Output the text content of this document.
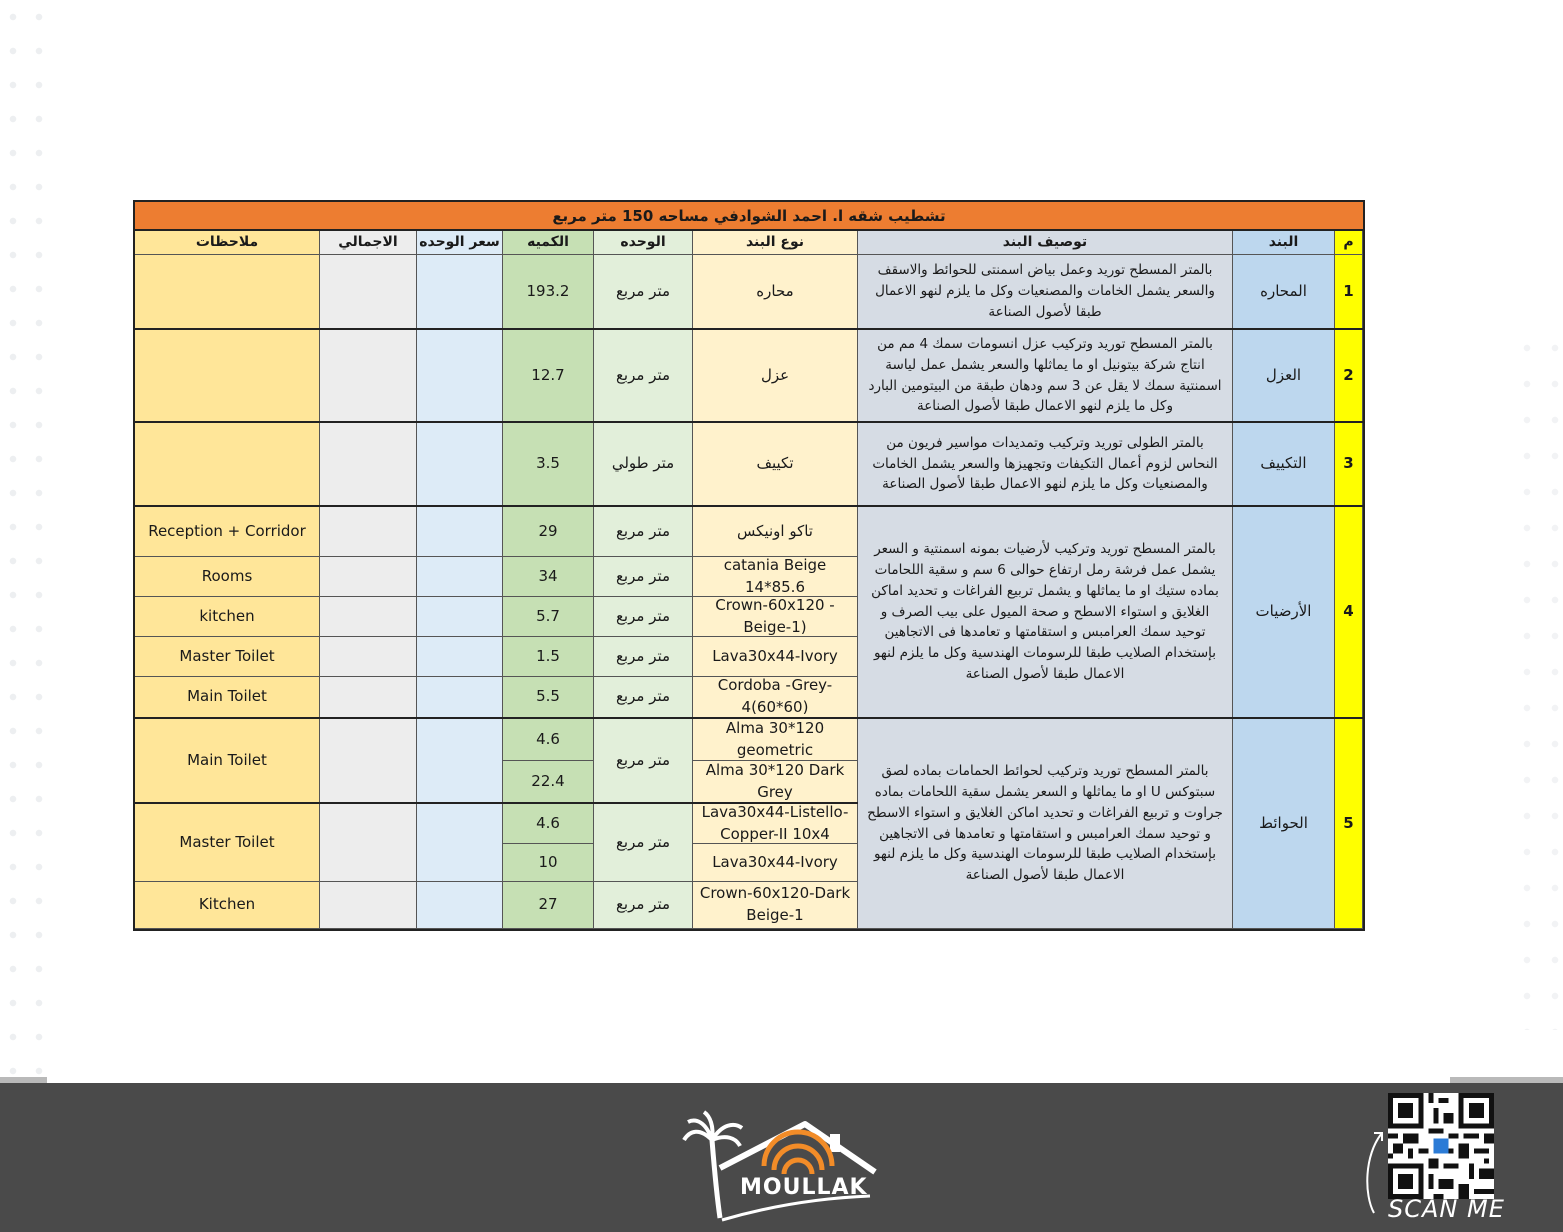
تشطيب شقه ا. احمد الشوادفي مساحه 150 متر مربع
م
البند
توصيف البند
نوع البند
الوحده
الكميه
سعر الوحده
الاجمالي
ملاحظات
1
المحاره
بالمتر المسطح توريد وعمل بياض اسمنتى للحوائط والاسقف والسعر يشمل الخامات والمصنعيات وكل ما يلزم لنهو الاعمال طبقا لأصول الصناعة
محاره
متر مربع
193.2
2
العزل
بالمتر المسطح توريد وتركيب عزل انسومات سمك 4 مم من انتاج شركة بيتونيل او ما يماثلها والسعر يشمل عمل لياسة اسمنتية سمك لا يقل عن 3 سم ودهان طبقة من البيتومين البارد وكل ما يلزم لنهو الاعمال طبقا لأصول الصناعة
عزل
متر مربع
12.7
3
التكييف
بالمتر الطولى توريد وتركيب وتمديدات مواسير فريون من النحاس لزوم أعمال التكيفات وتجهيزها والسعر يشمل الخامات والمصنعيات وكل ما يلزم لنهو الاعمال طبقا لأصول الصناعة
تكييف
متر طولي
3.5
4
الأرضيات
بالمتر المسطح توريد وتركيب لأرضيات بمونه اسمنتية و السعر يشمل عمل فرشة رمل ارتفاع حوالى 6 سم و سقية اللحامات بماده ستيك او ما يماثلها و يشمل تربيع الفراغات و تحديد اماكن الغلايق و استواء الاسطح و صحة الميول على بيب الصرف و توحيد سمك العرامبس و استقامتها و تعامدها فى الاتجاهين بإستخدام الصلايب طبقا للرسومات الهندسية وكل ما يلزم لنهو الاعمال طبقا لأصول الصناعة
تاكو اونيكس
متر مربع
29
Reception + Corridor
catania Beige 14*85.6
متر مربع
34
Rooms
Crown-60x120 -Beige-1)
متر مربع
5.7
kitchen
Lava30x44-Ivory
متر مربع
1.5
Master Toilet
Cordoba -Grey-4(60*60)
متر مربع
5.5
Main Toilet
5
الحوائط
بالمتر المسطح توريد وتركيب لحوائط الحمامات بماده لصق سبتوكس U او ما يماثلها و السعر يشمل سقية اللحامات بماده جراوت و تربيع الفراغات و تحديد اماكن الغلايق و استواء الاسطح و توحيد سمك العرامبس و استقامتها و تعامدها فى الاتجاهين بإستخدام الصلايب طبقا للرسومات الهندسية وكل ما يلزم لنهو الاعمال طبقا لأصول الصناعة
Alma 30*120 geometric
Alma 30*120 Dark Grey
متر مربع
4.6
22.4
Main Toilet
Lava30x44-Listello-Copper-II 10x4
Lava30x44-Ivory
متر مربع
4.6
10
Master Toilet
Crown-60x120-Dark Beige-1
متر مربع
27
Kitchen
MOULLAK
SCAN ME
